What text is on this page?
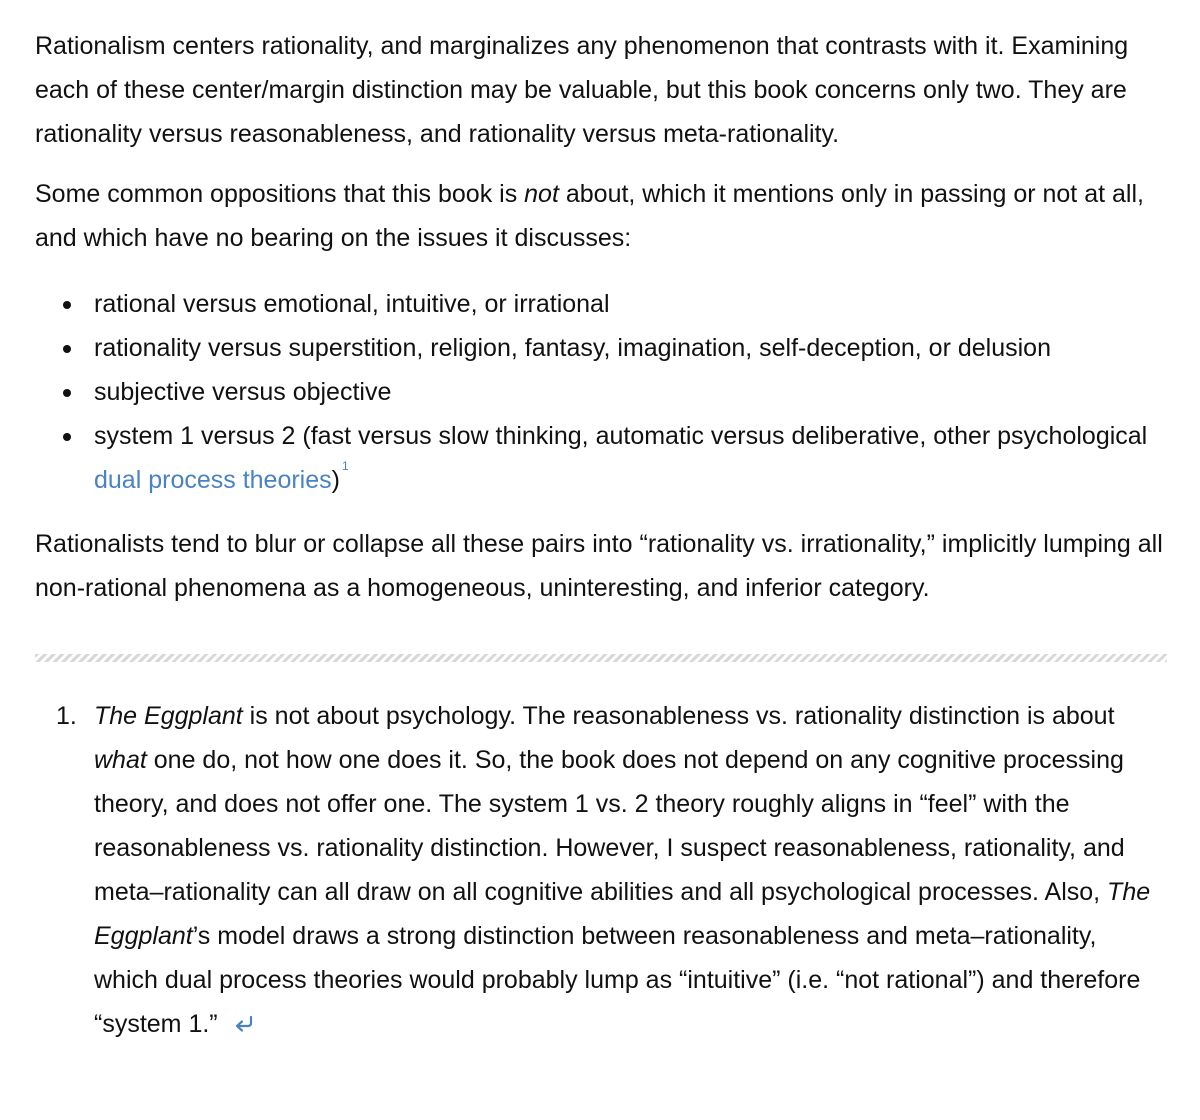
Rationalism centers rationality, and marginalizes any phenomenon that contrasts with it. Examining each of these center/margin distinction may be valuable, but this book concerns only two. They are rationality versus reasonableness, and rationality versus meta-rationality.

Some common oppositions that this book is not about, which it mentions only in passing or not at all, and which have no bearing on the issues it discusses:

rational versus emotional, intuitive, or irrational
rationality versus superstition, religion, fantasy, imagination, self-deception, or delusion
subjective versus objective
system 1 versus 2 (fast versus slow thinking, automatic versus deliberative, other psychological dual process theories) $^1$

Rationalists tend to blur or collapse all these pairs into “rationality vs. irrationality,” implicitly lumping all non-rational phenomena as a homogeneous, uninteresting, and inferior category.

1. The Eggplant is not about psychology. The reasonableness vs. rationality distinction is about what one do, not how one does it. So, the book does not depend on any cognitive processing theory, and does not offer one. The system 1 vs. 2 theory roughly aligns in “feel” with the reasonableness vs. rationality distinction. However, I suspect reasonableness, rationality, and meta–rationality can all draw on all cognitive abilities and all psychological processes. Also, The Eggplant’s model draws a strong distinction between reasonableness and meta–rationality, which dual process theories would probably lump as “intuitive” (i.e. “not rational”) and therefore “system 1.”
